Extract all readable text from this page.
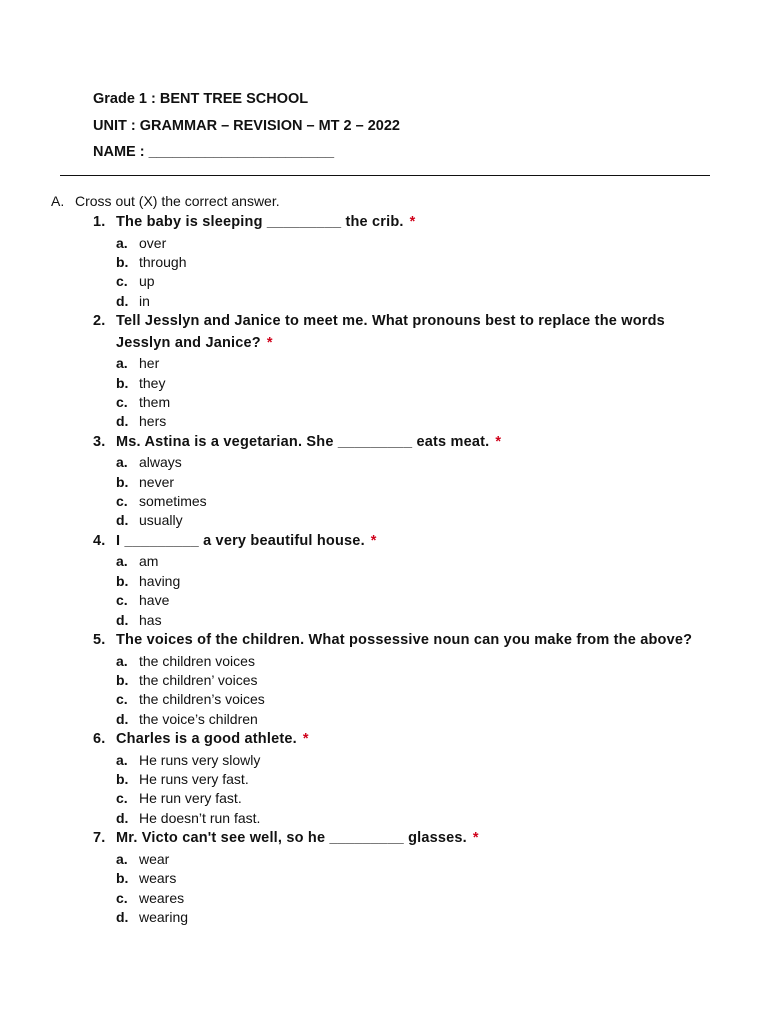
Grade 1 : BENT TREE SCHOOL
UNIT : GRAMMAR – REVISION – MT 2 – 2022
NAME : _______________________
A. Cross out (X) the correct answer.
1. The baby is sleeping _________ the crib. *
a. over
b. through
c. up
d. in
2. Tell Jesslyn and Janice to meet me. What pronouns best to replace the words Jesslyn and Janice? *
a. her
b. they
c. them
d. hers
3. Ms. Astina is a vegetarian. She _________ eats meat. *
a. always
b. never
c. sometimes
d. usually
4. I _________ a very beautiful house. *
a. am
b. having
c. have
d. has
5. The voices of the children. What possessive noun can you make from the above?
a. the children voices
b. the children’ voices
c. the children’s voices
d. the voice’s children
6. Charles is a good athlete. *
a. He runs very slowly
b. He runs very fast.
c. He run very fast.
d. He doesn’t run fast.
7. Mr. Victo can't see well, so he _________ glasses. *
a. wear
b. wears
c. weares
d. wearing
